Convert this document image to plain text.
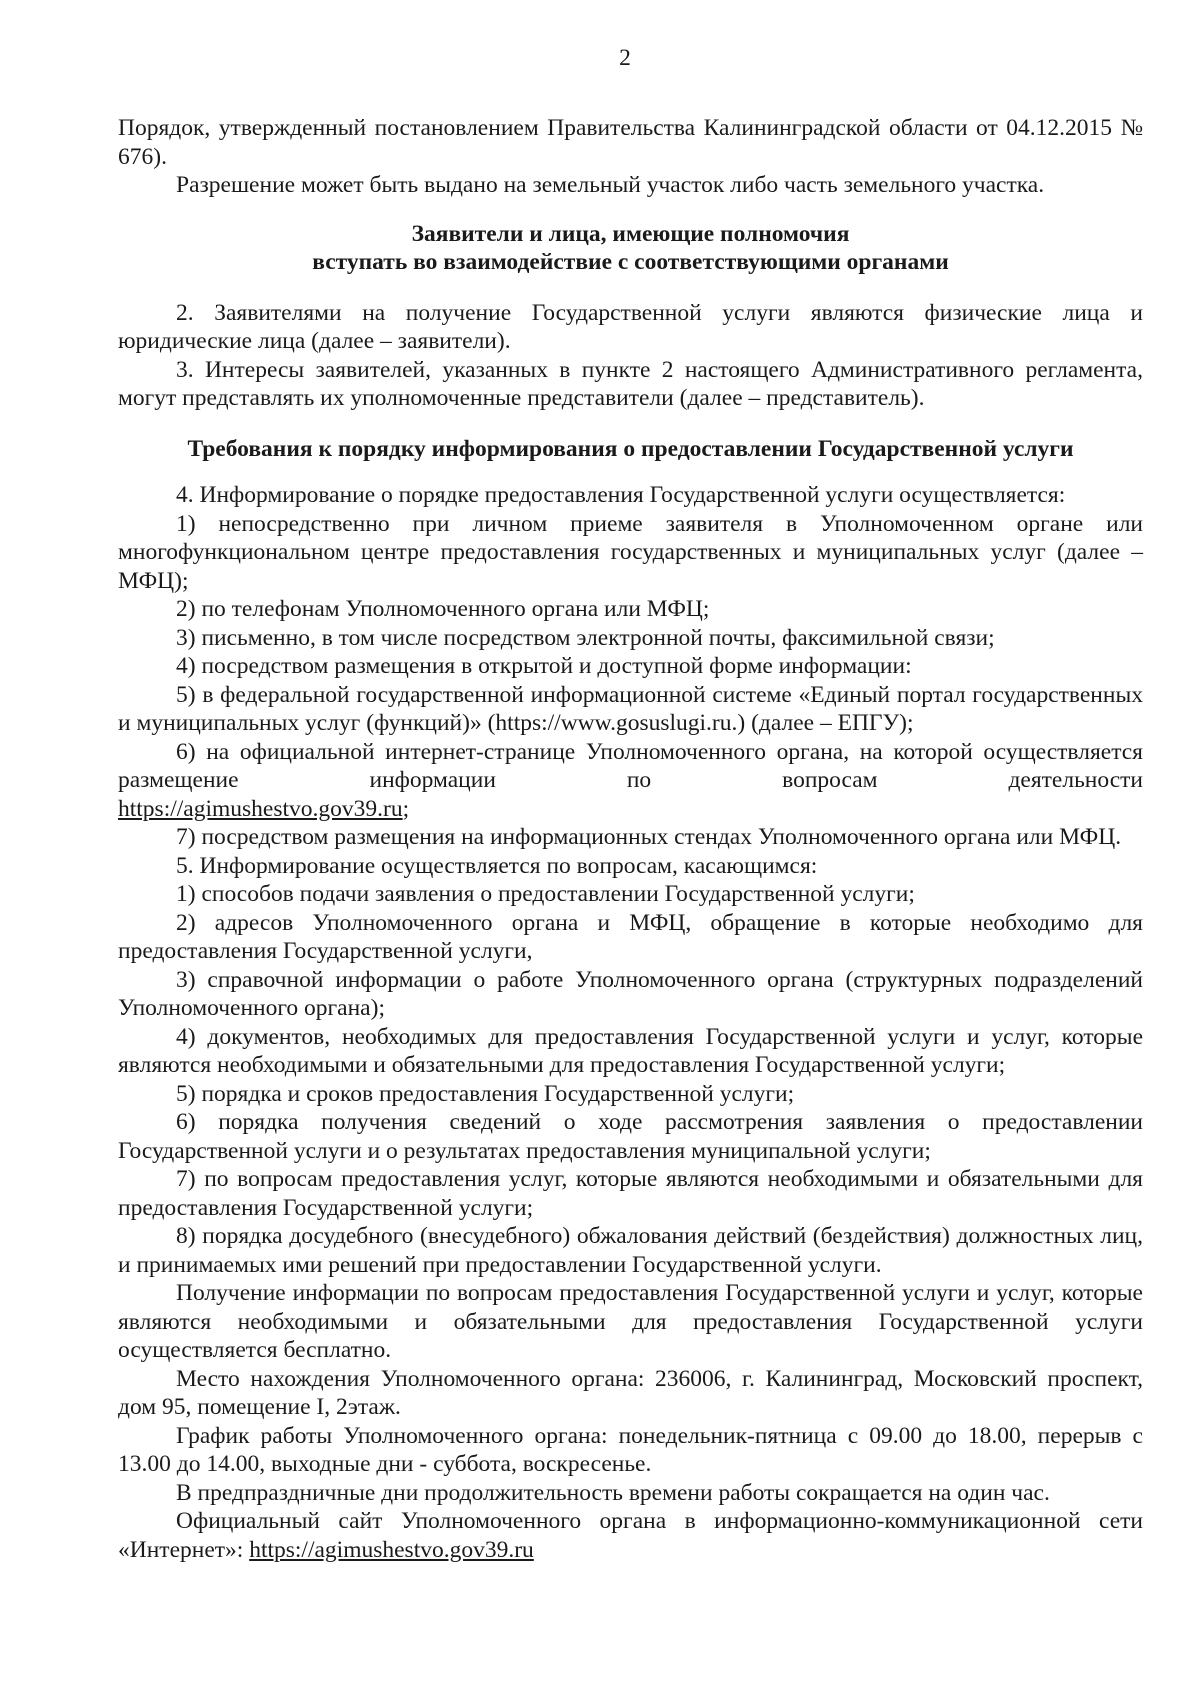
2

Порядок, утвержденный постановлением Правительства Калининградской области от 04.12.2015 № 676).

Разрешение может быть выдано на земельный участок либо часть земельного участка.

Заявители и лица, имеющие полномочия
вступать во взаимодействие с соответствующими органами

2. Заявителями на получение Государственной услуги являются физические лица и юридические лица (далее – заявители).

3. Интересы заявителей, указанных в пункте 2 настоящего Административного регламента, могут представлять их уполномоченные представители (далее – представитель).

Требования к порядку информирования о предоставлении Государственной услуги

4. Информирование о порядке предоставления Государственной услуги осуществляется:

1) непосредственно при личном приеме заявителя в Уполномоченном органе или многофункциональном центре предоставления государственных и муниципальных услуг (далее – МФЦ);

2) по телефонам Уполномоченного органа или МФЦ;

3) письменно, в том числе посредством электронной почты, факсимильной связи;

4) посредством размещения в открытой и доступной форме информации:

5) в федеральной государственной информационной системе «Единый портал государственных и муниципальных услуг (функций)» (https://www.gosuslugi.ru.) (далее – ЕПГУ);

6) на официальной интернет-странице Уполномоченного органа, на которой осуществляется размещение информации по вопросам деятельности

https://agimushestvo.gov39.ru;

7) посредством размещения на информационных стендах Уполномоченного органа или МФЦ.

5. Информирование осуществляется по вопросам, касающимся:

1) способов подачи заявления о предоставлении Государственной услуги;

2) адресов Уполномоченного органа и МФЦ, обращение в которые необходимо для предоставления Государственной услуги,

3) справочной информации о работе Уполномоченного органа (структурных подразделений Уполномоченного органа);

4) документов, необходимых для предоставления Государственной услуги и услуг, которые являются необходимыми и обязательными для предоставления Государственной услуги;

5) порядка и сроков предоставления Государственной услуги;

6) порядка получения сведений о ходе рассмотрения заявления о предоставлении Государственной услуги и о результатах предоставления муниципальной услуги;

7) по вопросам предоставления услуг, которые являются необходимыми и обязательными для предоставления Государственной услуги;

8) порядка досудебного (внесудебного) обжалования действий (бездействия) должностных лиц, и принимаемых ими решений при предоставлении Государственной услуги.

Получение информации по вопросам предоставления Государственной услуги и услуг, которые являются необходимыми и обязательными для предоставления Государственной услуги осуществляется бесплатно.

Место нахождения Уполномоченного органа: 236006, г. Калининград, Московский проспект, дом 95, помещение I, 2этаж.

График работы Уполномоченного органа: понедельник-пятница с 09.00 до 18.00, перерыв с 13.00 до 14.00, выходные дни - суббота, воскресенье.

В предпраздничные дни продолжительность времени работы сокращается на один час.

Официальный сайт Уполномоченного органа в информационно-коммуникационной сети «Интернет»: https://agimushestvo.gov39.ru
